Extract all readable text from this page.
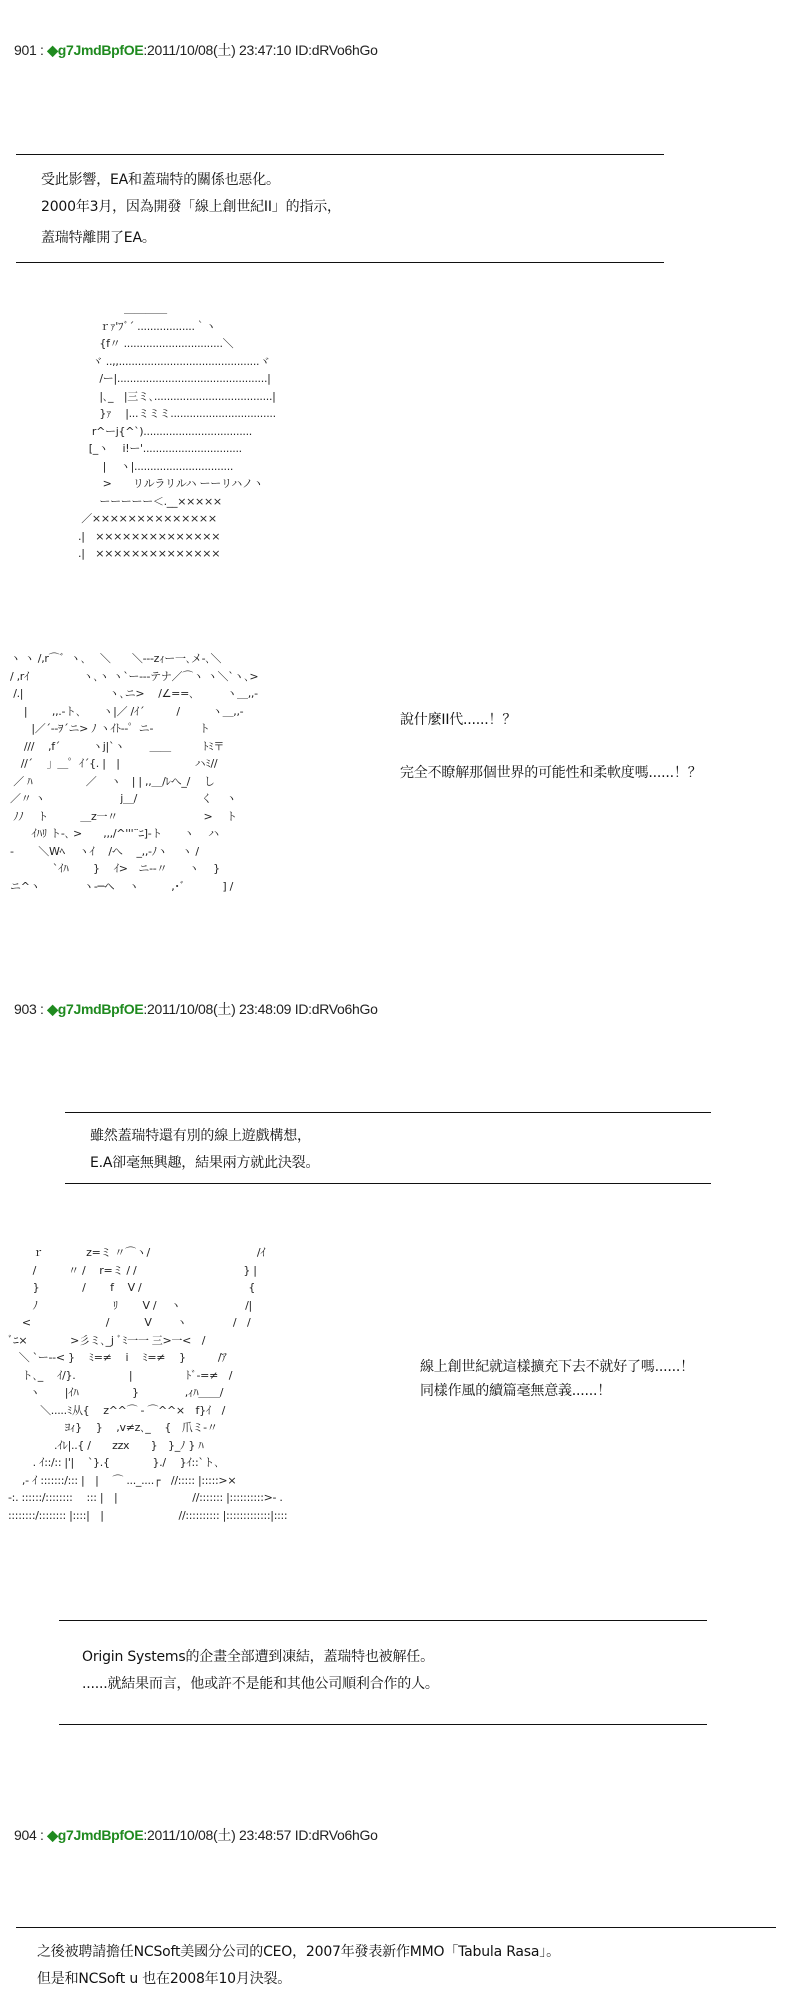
901 : ◆g7JmdBpfOE:2011/10/08(土) 23:47:10 ID:dRVo6hGo
受此影響，EA和蓋瑞特的關係也惡化。
2000年3月，因為開發「線上創世紀II」的指示，
蓋瑞特離開了EA。
　　　　 ＿＿＿＿
　　ｒｧ'ﾌﾞ´ ..................｀ヽ
　　{f〃 ...............................＼
　 ヾ ..,,............................................ヾ
　　/ー|...............................................|
　　|､_　|三ミ､.....................................|
　　}ｧ　 |...ミミミ.................................
　 r^ーj{^`)..................................
　[_ヽ　 i!ー'...............................
　　 |　 ヽ|...............................
　　 >　　リルラリルハ ーーリハノヽ
　　ーーーーー＜.__×××××
／××××××××××××××
.|　××××××××××××××
.|　××××××××××××××
ヽ ヽ /,r⌒゛ヽ､　 ＼　　＼---zｨー一､メ-､＼
/ ,rｲ　　　　　ヽ､ヽ ヽ`ー---テナ／⌒ヽ ヽ＼`ヽ､>
/.|　　　　　　　　ヽ､ニ>　 /∠==､　　　ヽ＿,,-
　 |　　 ,,.-ト､　　ヽ|／ /ｲ´　　　/　　　ヽ＿,,-
　　|／´--ｦ´ニ> ﾉ ヽｲﾄ--゜ニ-　　　　 ト
　 ///　 ,f´　　　ヽj|`ヽ　　 ＿＿　　　ﾄﾐ〒
　//´　 」＿゜ｲ´{. |　|　　　　　　　ハﾐ//
／ ﾊ　　　　　／　 ヽ　| | ,,＿/ﾚへ_/　 し
／〃 ヽ　　　　　　　j＿/　　　　　　く　 ヽ
ﾉﾉ　 ト　　　＿z一〃　　　　　　　　>　 ト
　　ｲﾊﾘ ト-､ >　　,,,/^'''¨ﾆ]-ト　　ヽ　 ハ
-　　 ＼Wﾍ　 ヽｲ　 /へ　 _,,-ﾉヽ　 ヽ /
　　　　`ｲﾊ　　 }　 ｲ>　ニ-‐〃　　ヽ　 }
ニ^ヽ　　　　ヽ-─ヘ　 ヽ　　　,･゛　　　] /
說什麼II代......！？
完全不瞭解那個世界的可能性和柔軟度嗎......！？
903 : ◆g7JmdBpfOE:2011/10/08(土) 23:48:09 ID:dRVo6hGo
雖然蓋瑞特還有別的線上遊戲構想，
E.A卻毫無興趣，結果兩方就此決裂。
　　 ｒ　　　　z=ミ 〃⌒ヽ/　　　　　　　　　　/ｲ
　　 /　　　〃 /　 r=ミ / /　　　　　　　　　　} |
　　 }　　　　/　　 f　 V /　　　　　　　　　　{
　　 ﾉ　　　　　　　ﾘ　　 V /　 ヽ　　　　　　/|
　 <　　　　　　　/　　　 V　　 ヽ　　　　 /　/
ﾞﾆ×　　　　>彡ミ､_j ﾞﾐ一一 三>一<　/
　＼ `ー--< }　 ﾐ=≠　 i　 ﾐ=≠　 }　　　/ｱ
　 ト､_　 ｲ/}.　　　　　|　　　　　ﾄﾞ-=≠　/
　　ヽ　　 |ｲﾊ　　　　　}　　　　 ,ｨﾊ＿＿/
　　　＼.....ﾐ从{　 z^^⌒ ‐ ⌒^^×　f}ｲ　/
　　　　　 ﾖｨ}　 }　 ,v≠z､_　 {　爪ミ-〃
　　　　 .ｲﾚ|..{ /　　zzx　　}　}_ﾉ } ﾊ
　　 . ｲ::/:: |'|　 `}.{　　　　}./　 }ｲ::`ト､
　 ,- ｲ :::::::/::: |　|　 ⌒ ..._....┌　//::::: |:::::>×
-:. ::::::/::::::::　 ::: |　|　　　　　　　//::::::: |::::::::::>- .
::::::::/:::::::: |::::|　|　　　　　　　//:::::::::: |:::::::::::::|::::
線上創世紀就這樣擴充下去不就好了嗎......！
同樣作風的續篇毫無意義......！
Origin Systems的企畫全部遭到凍結，蓋瑞特也被解任。
......就結果而言，他或許不是能和其他公司順利合作的人。
904 : ◆g7JmdBpfOE:2011/10/08(土) 23:48:57 ID:dRVo6hGo
之後被聘請擔任NCSoft美國分公司的CEO，2007年發表新作MMO「Tabula Rasa」。
但是和NCSoft u 也在2008年10月決裂。
